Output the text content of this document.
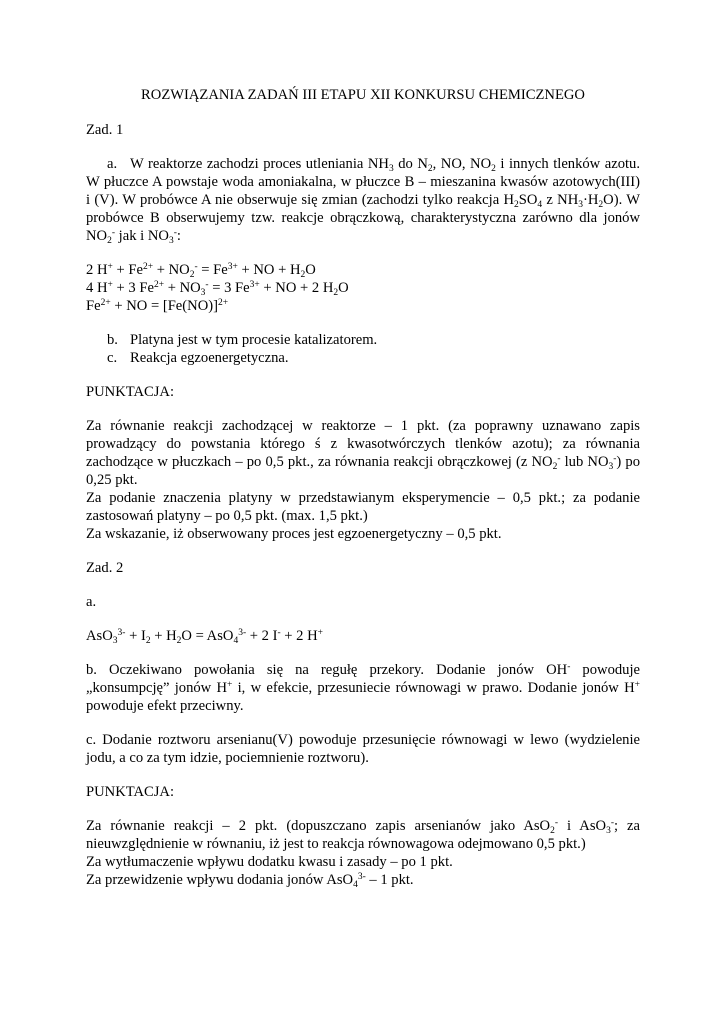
ROZWIĄZANIA ZADAŃ III ETAPU XII KONKURSU CHEMICZNEGO
Zad. 1
a. W reaktorze zachodzi proces utleniania $NH_3$ do $N_2$, NO, $NO_2$ i innych tlenków azotu.
W płuczce A powstaje woda amoniakalna, w płuczce B – mieszanina kwasów azotowych(III)
i (V). W probówce A nie obserwuje się zmian (zachodzi tylko reakcja $H_2SO_4$ z $NH_3\cdot H_2O$). W
probówce B obserwujemy tzw. reakcje obrączkową, charakterystyczna zarówno dla jonów
$NO_2^-$ jak i $NO_3^-$:
2 $H^+ + Fe^{2+} + NO_2^- = Fe^{3+}$ + NO + $H_2O$
4 H+ + 3 $Fe^{2+} + NO_3^- = 3$ $Fe^{3+}$ + NO + 2 $H_2O$
$Fe^{2+}$ + NO = $[Fe(NO)]^{2+}$
b. Platyna jest w tym procesie katalizatorem.
c. Reakcja egzoenergetyczna.
PUNKTACJA:
Za równanie reakcji zachodzącej w reaktorze – 1 pkt. (za poprawny uznawano zapis
prowadzący do powstania którego ś z kwasotwórczych tlenków azotu); za równania
zachodzące w płuczkach – po 0,5 pkt., za równania reakcji obrączkowej (z $NO_2^-$ lub $NO_3^-$) po
0,25 pkt.
Za podanie znaczenia platyny w przedstawianym eksperymencie – 0,5 pkt.; za podanie
zastosowań platyny – po 0,5 pkt. (max. 1,5 pkt.)
Za wskazanie, iż obserwowany proces jest egzoenergetyczny – 0,5 pkt.
Zad. 2
a.
$AsO_3^{3-} + I_2 + H_2O = AsO_4^{3-} + 2$ I- + 2 H+
b. Oczekiwano powołania się na regułę przekory. Dodanie jonów OH- powoduje
„konsumpcję” jonów H+ i, w efekcie, przesuniecie równowagi w prawo. Dodanie jonów H+
powoduje efekt przeciwny.
c. Dodanie roztworu arsenianu(V) powoduje przesunięcie równowagi w lewo (wydzielenie
jodu, a co za tym idzie, pociemnienie roztworu).
PUNKTACJA:
Za równanie reakcji – 2 pkt. (dopuszczano zapis arsenianów jako AsO$_2$- i AsO$_3$-; za
nieuwzględnienie w równaniu, iż jest to reakcja równowagowa odejmowano 0,5 pkt.)
Za wytłumaczenie wpływu dodatku kwasu i zasady – po 1 pkt.
Za przewidzenie wpływu dodania jonów AsO$_4^{3-}$ – 1 pkt.
